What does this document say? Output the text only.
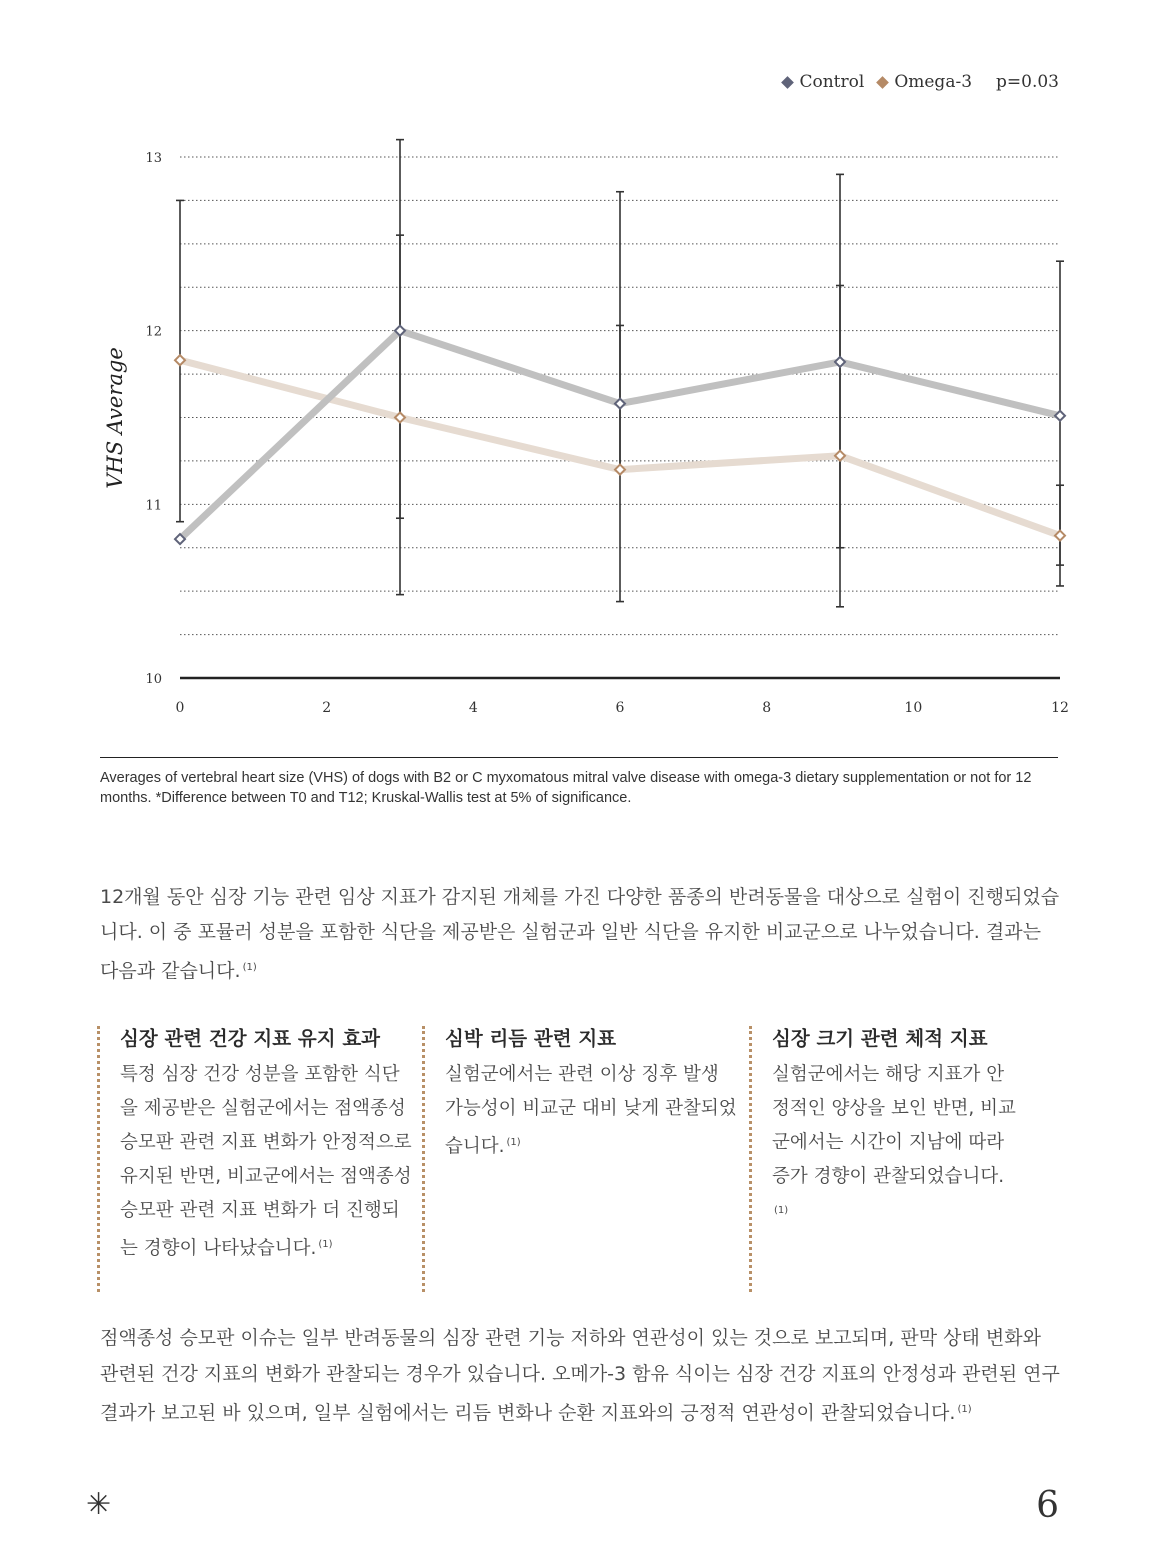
10
11
12
13
0	2	4	6	8	10	12
VHS Average
Control Omega-3 p=0.03
Averages of vertebral heart size (VHS) of dogs with B2 or C myxomatous mitral valve disease with omega-3 dietary supplementation or not for 12 months. *Difference between T0 and T12; Kruskal-Wallis test at 5% of significance.
12개월 동안 심장 기능 관련 임상 지표가 감지된 개체를 가진 다양한 품종의 반려동물을 대상으로 실험이 진행되었습니다. 이 중 포뮬러 성분을 포함한 식단을 제공받은 실험군과 일반 식단을 유지한 비교군으로 나누었습니다. 결과는 다음과 같습니다. $^{(1)}$
심장 관련 건강 지표 유지 효과

특정 심장 건강 성분을 포함한 식단을 제공받은 실험군에서는 점액종성 승모판 관련 지표 변화가 안정적으로 유지된 반면, 비교군에서는 점액종성 승모판 관련 지표 변화가 더 진행되는 경향이 나타났습니다. $^{(1)}$

심박 리듬 관련 지표

실험군에서는 관련 이상 징후 발생 가능성이 비교군 대비 낮게 관찰되었습니다. $^{(1)}$

심장 크기 관련 체적 지표

실험군에서는 해당 지표가 안정적인 양상을 보인 반면, 비교군에서는 시간이 지남에 따라 증가 경향이 관찰되었습니다.$^{(1)}$

점액종성 승모판 이슈는 일부 반려동물의 심장 관련 기능 저하와 연관성이 있는 것으로 보고되며, 판막 상태 변화와 관련된 건강 지표의 변화가 관찰되는 경우가 있습니다. 오메가-3 함유 식이는 심장 건강 지표의 안정성과 관련된 연구 결과가 보고된 바 있으며, 일부 실험에서는 리듬 변화나 순환 지표와의 긍정적 연관성이 관찰되었습니다. $^{(1)}$
✳	6
